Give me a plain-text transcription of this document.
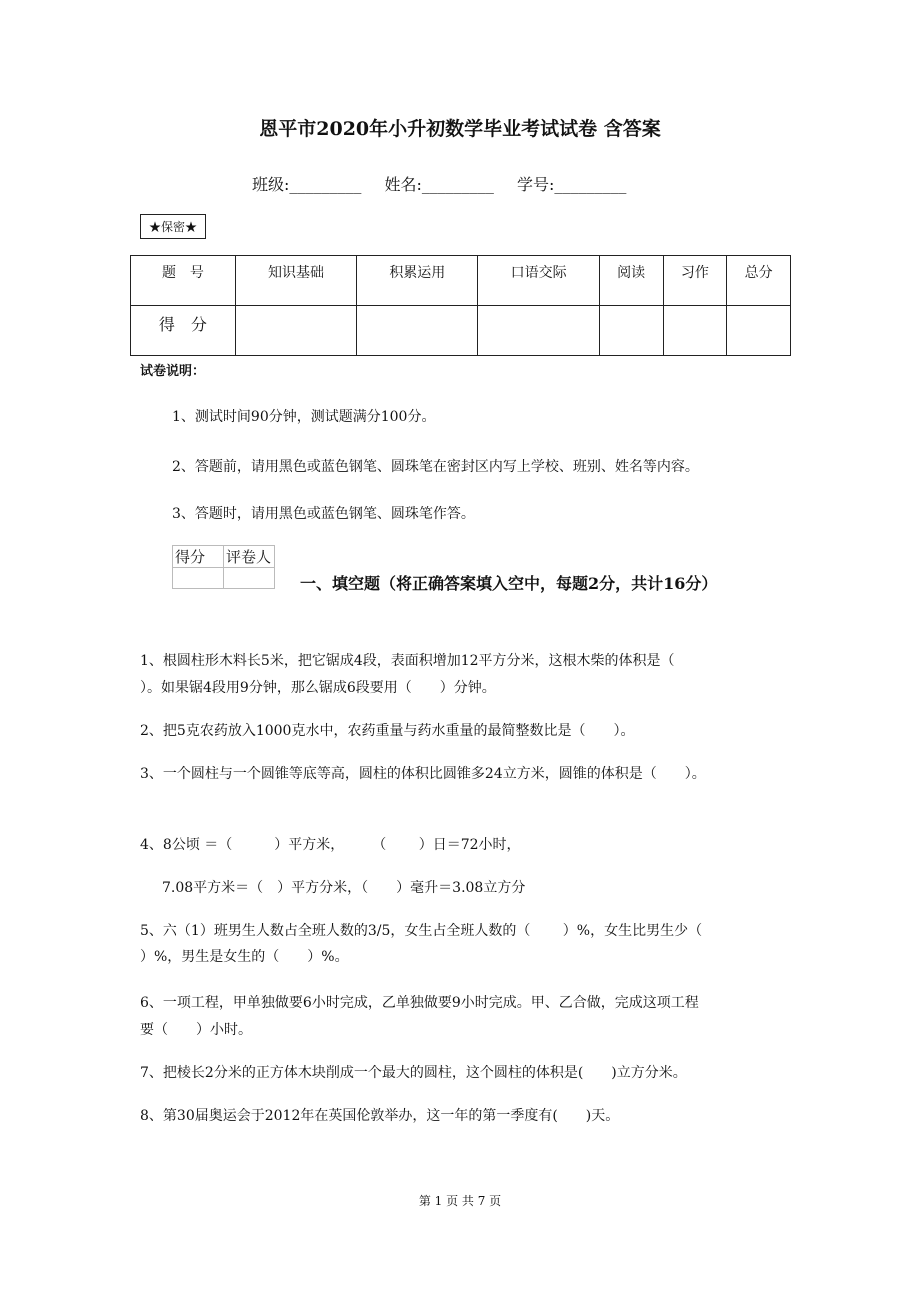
恩平市2020年小升初数学毕业考试试卷 含答案
班级:_________ 姓名:_________ 学号:_________
★保密★
题　号	知识基础	积累运用	口语交际	阅读	习作	总分
得　分						
试卷说明：
1、测试时间90分钟，测试题满分100分。
2、答题前，请用黑色或蓝色钢笔、圆珠笔在密封区内写上学校、班别、姓名等内容。
3、答题时，请用黑色或蓝色钢笔、圆珠笔作答。
得分	评卷人

一、填空题（将正确答案填入空中，每题2分，共计16分）
1、根圆柱形木料长5米，把它锯成4段，表面积增加12平方分米，这根木柴的体积是（
）。如果锯4段用9分钟，那么锯成6段要用（　　）分钟。
2、把5克农药放入1000克水中，农药重量与药水重量的最简整数比是（　　）。
3、一个圆柱与一个圆锥等底等高，圆柱的体积比圆锥多24立方米，圆锥的体积是（　　）。
4、8公顷 ＝（　　　）平方米，　　　（　　 ）日＝72小时，
7.08平方米＝（　）平方分米，（　　）毫升＝3.08立方分
5、六（1）班男生人数占全班人数的3/5，女生占全班人数的（　　 ）%，女生比男生少（
）%，男生是女生的（　　）%。
6、一项工程，甲单独做要6小时完成，乙单独做要9小时完成。甲、乙合做，完成这项工程
要（　　）小时。
7、把棱长2分米的正方体木块削成一个最大的圆柱，这个圆柱的体积是(　　)立方分米。
8、第30届奥运会于2012年在英国伦敦举办，这一年的第一季度有(　　)天。
第 1 页 共 7 页
